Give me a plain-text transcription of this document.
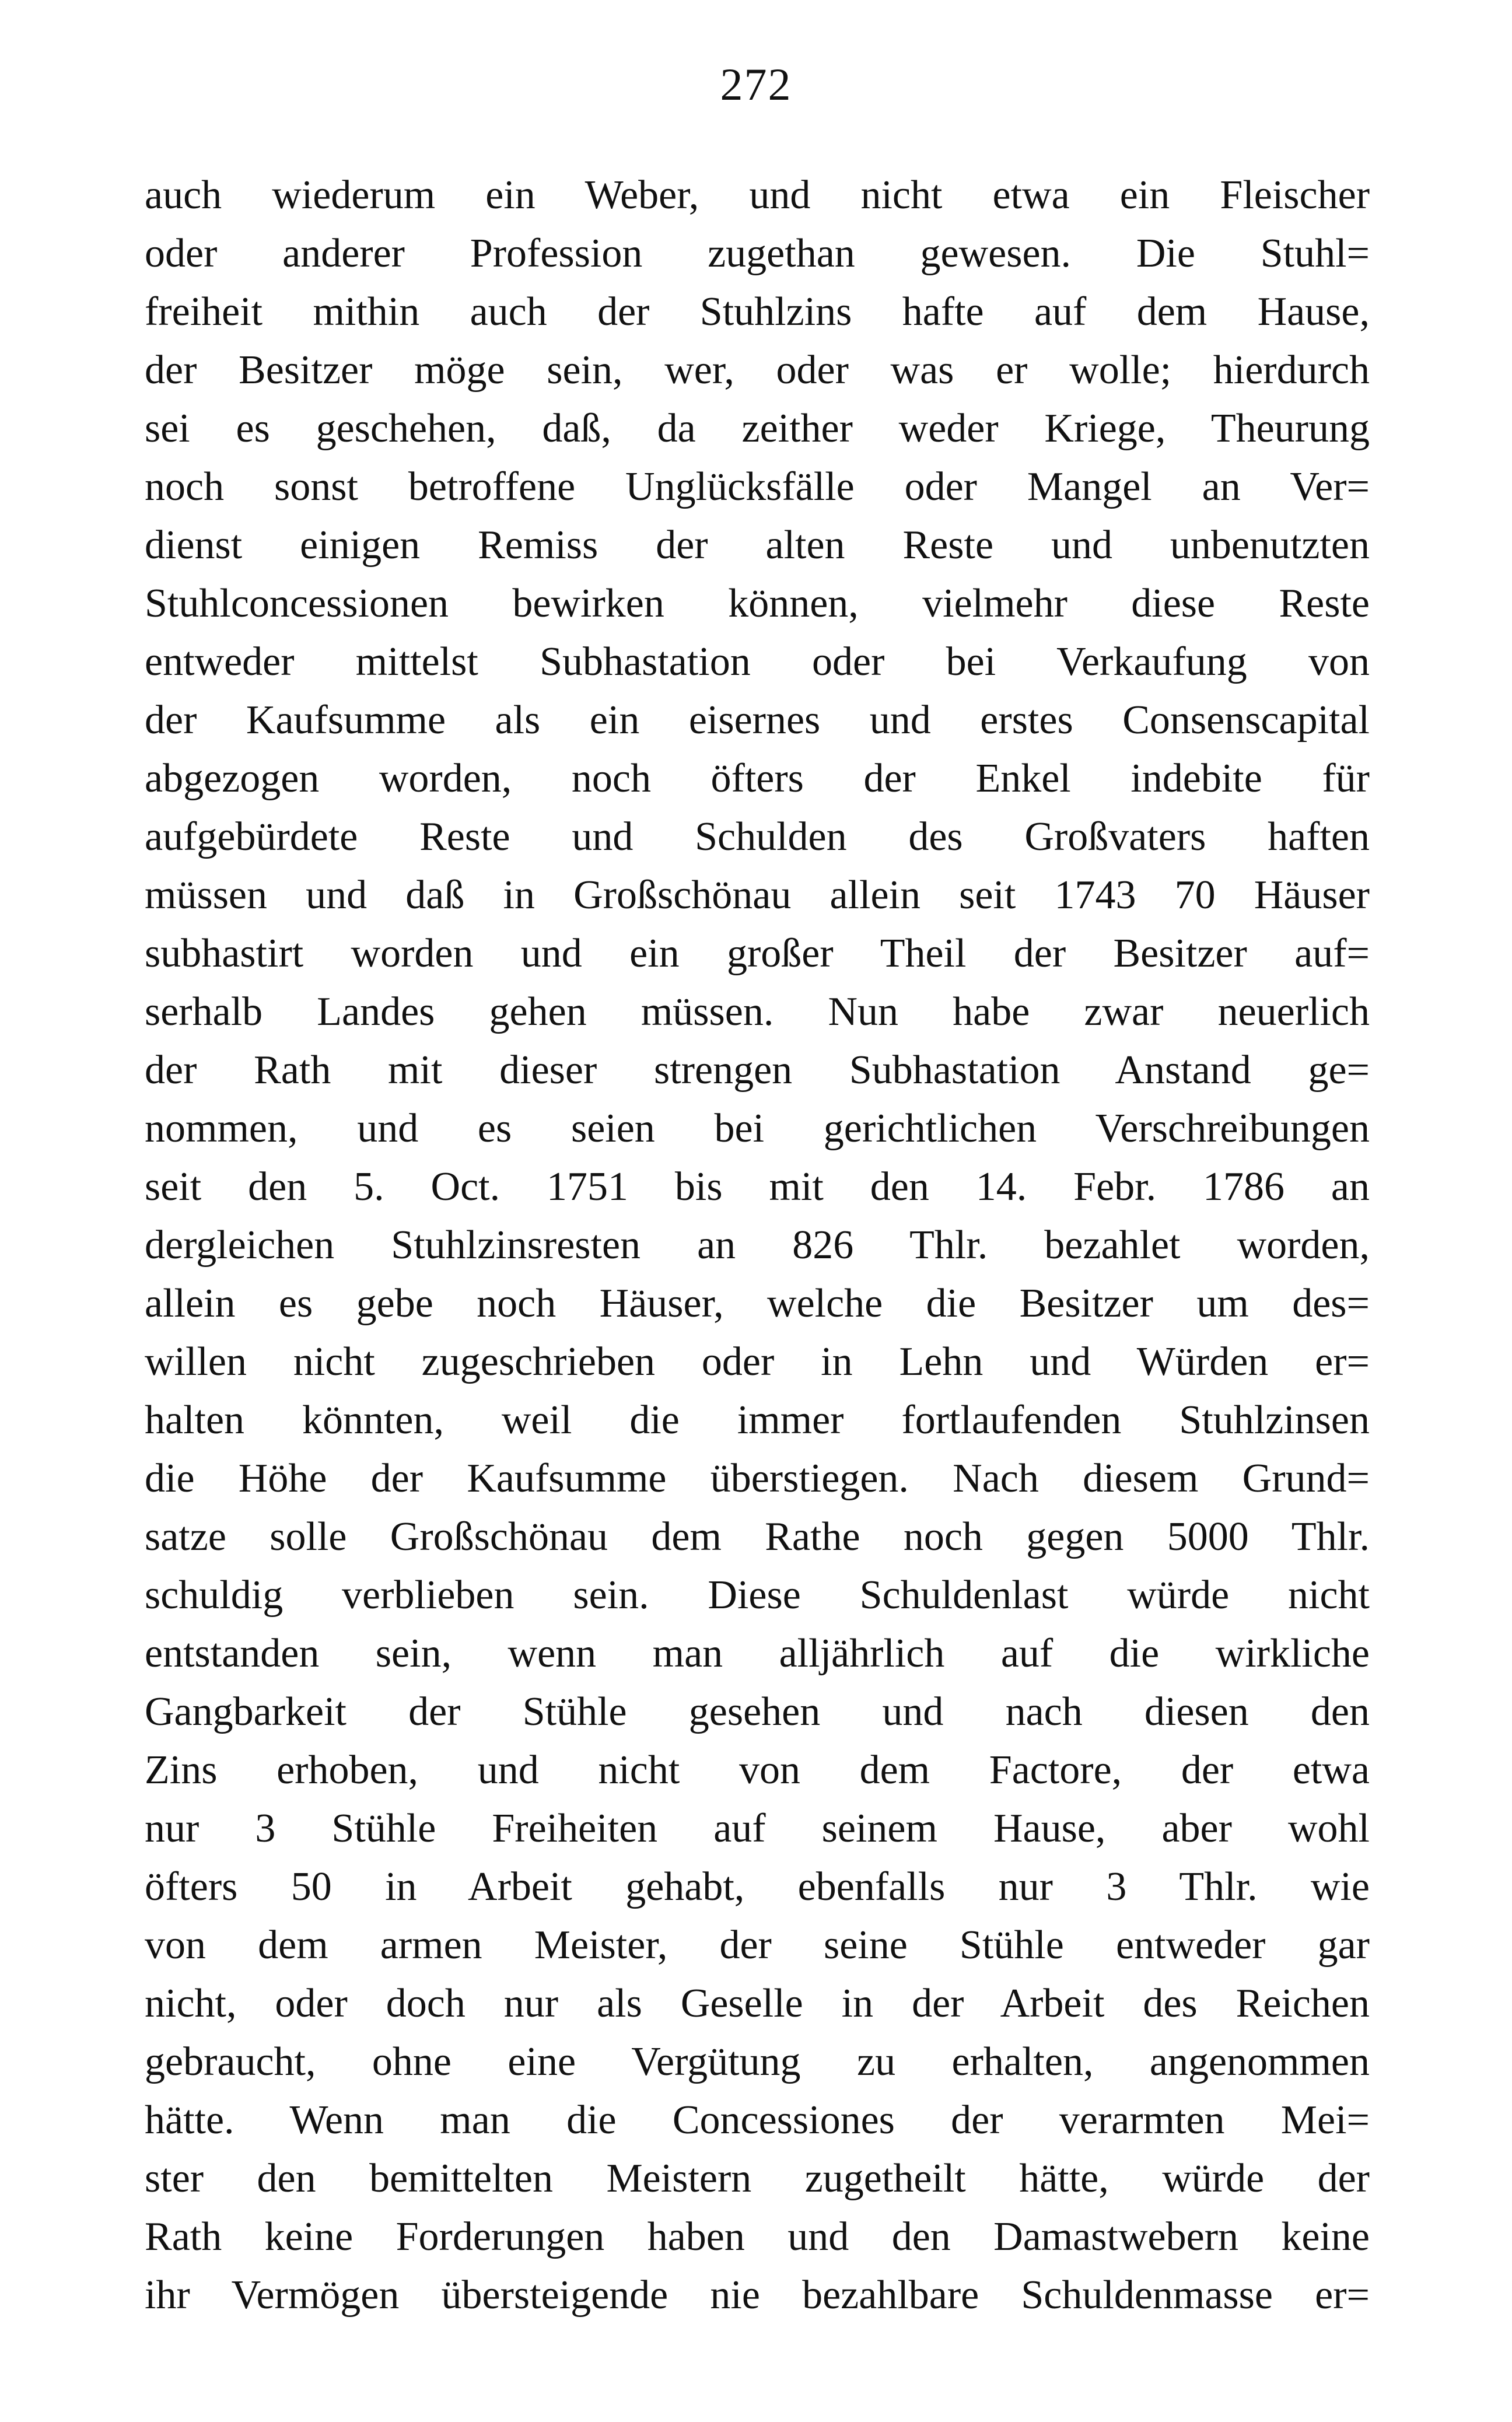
272
auch wiederum ein Weber, und nicht etwa ein Fleischer
oder anderer Profession zugethan gewesen. Die Stuhl=
freiheit mithin auch der Stuhlzins hafte auf dem Hause,
der Besitzer möge sein, wer, oder was er wolle; hierdurch
sei es geschehen, daß, da zeither weder Kriege, Theurung
noch sonst betroffene Unglücksfälle oder Mangel an Ver=
dienst einigen Remiss der alten Reste und unbenutzten
Stuhlconcessionen bewirken können, vielmehr diese Reste
entweder mittelst Subhastation oder bei Verkaufung von
der Kaufsumme als ein eisernes und erstes Consenscapital
abgezogen worden, noch öfters der Enkel indebite für
aufgebürdete Reste und Schulden des Großvaters haften
müssen und daß in Großschönau allein seit 1743 70 Häuser
subhastirt worden und ein großer Theil der Besitzer auf=
serhalb Landes gehen müssen. Nun habe zwar neuerlich
der Rath mit dieser strengen Subhastation Anstand ge=
nommen, und es seien bei gerichtlichen Verschreibungen
seit den 5. Oct. 1751 bis mit den 14. Febr. 1786 an
dergleichen Stuhlzinsresten an 826 Thlr. bezahlet worden,
allein es gebe noch Häuser, welche die Besitzer um des=
willen nicht zugeschrieben oder in Lehn und Würden er=
halten könnten, weil die immer fortlaufenden Stuhlzinsen
die Höhe der Kaufsumme überstiegen. Nach diesem Grund=
satze solle Großschönau dem Rathe noch gegen 5000 Thlr.
schuldig verblieben sein. Diese Schuldenlast würde nicht
entstanden sein, wenn man alljährlich auf die wirkliche
Gangbarkeit der Stühle gesehen und nach diesen den
Zins erhoben, und nicht von dem Factore, der etwa
nur 3 Stühle Freiheiten auf seinem Hause, aber wohl
öfters 50 in Arbeit gehabt, ebenfalls nur 3 Thlr. wie
von dem armen Meister, der seine Stühle entweder gar
nicht, oder doch nur als Geselle in der Arbeit des Reichen
gebraucht, ohne eine Vergütung zu erhalten, angenommen
hätte. Wenn man die Concessiones der verarmten Mei=
ster den bemittelten Meistern zugetheilt hätte, würde der
Rath keine Forderungen haben und den Damastwebern keine
ihr Vermögen übersteigende nie bezahlbare Schuldenmasse er=
